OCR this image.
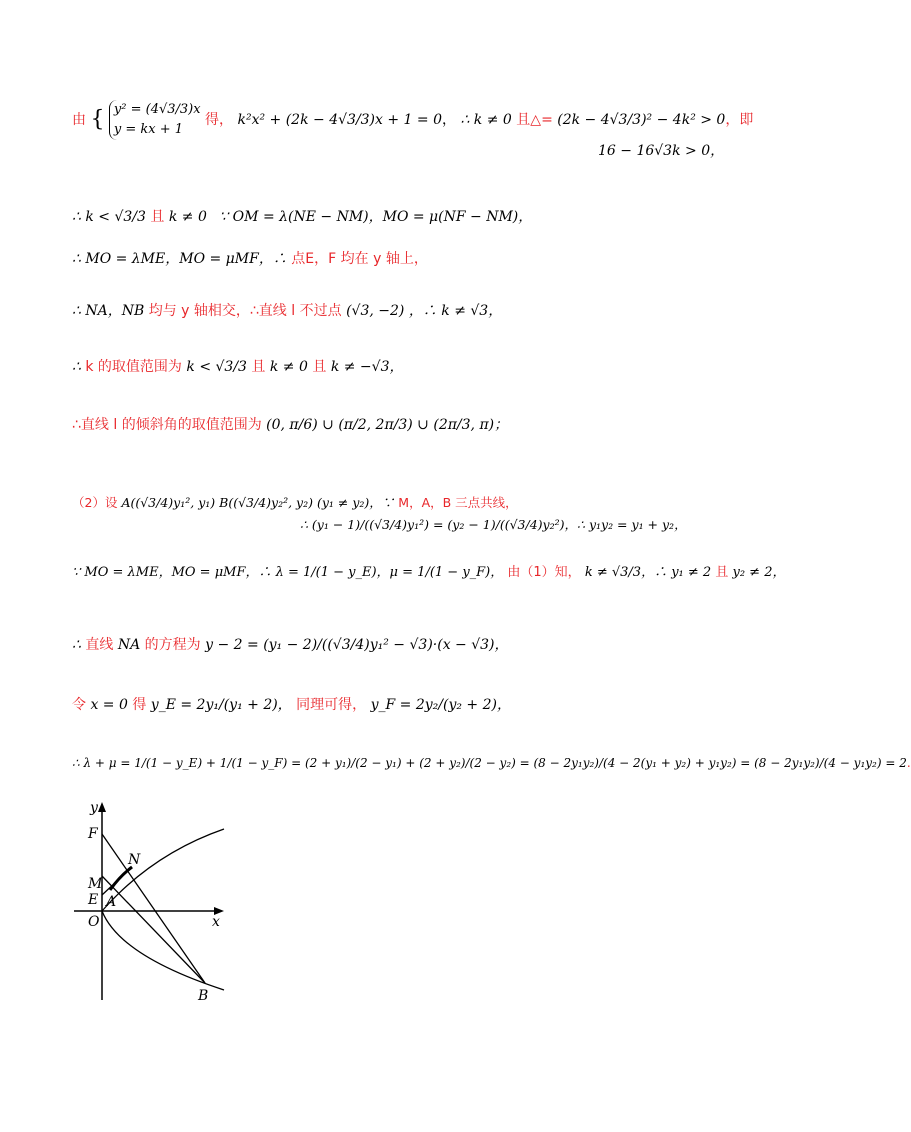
由 { y² = (4√3/3)x
y = kx + 1
得， k²x² + (2k − 4√3/3)x + 1 = 0， ∴ k ≠ 0 且△= (2k − 4√3/3)² − 4k² > 0，即
16 − 16√3k > 0，
∴ k < √3/3 且 k ≠ 0 ∵ OM = λ(NE − NM)，MO = μ(NF − NM)，
∴ MO = λME，MO = μMF，∴ 点E，F 均在 y 轴上，
∴ NA，NB 均与 y 轴相交，∴直线 l 不过点 (√3, −2) ，∴ k ≠ √3，
∴ k 的取值范围为 k < √3/3 且 k ≠ 0 且 k ≠ −√3，
∴直线 l 的倾斜角的取值范围为 (0, π/6) ∪ (π/2, 2π/3) ∪ (2π/3, π)；
（2）设 A((√3/4)y₁², y₁) B((√3/4)y₂², y₂) (y₁ ≠ y₂)，∵ M，A，B 三点共线，
∴ (y₁ − 1)/((√3/4)y₁²) = (y₂ − 1)/((√3/4)y₂²)，∴ y₁y₂ = y₁ + y₂，
∵ MO = λME，MO = μMF，∴ λ = 1/(1 − y_E)，μ = 1/(1 − y_F)， 由（1）知， k ≠ √3/3，∴ y₁ ≠ 2 且 y₂ ≠ 2，
∴ 直线 NA 的方程为 y − 2 = (y₁ − 2)/((√3/4)y₁² − √3)·(x − √3)，
令 x = 0 得 y_E = 2y₁/(y₁ + 2)， 同理可得， y_F = 2y₂/(y₂ + 2)，
∴ λ + μ = 1/(1 − y_E) + 1/(1 − y_F) = (2 + y₁)/(2 − y₁) + (2 + y₂)/(2 − y₂) = (8 − 2y₁y₂)/(4 − 2(y₁ + y₂) + y₁y₂) = (8 − 2y₁y₂)/(4 − y₁y₂) = 2.
y
x
F
N
M
E A
O
B
